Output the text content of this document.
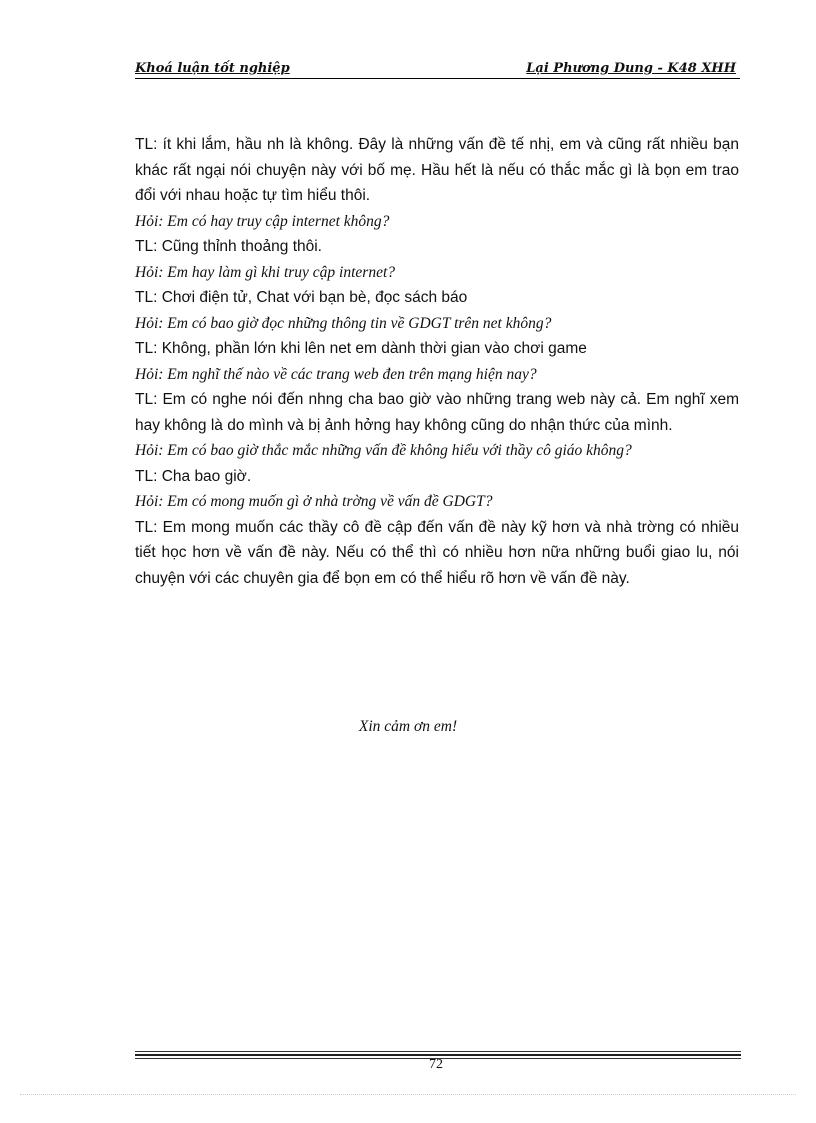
Khoá luận tốt nghiệp	Lại Phương Dung - K48 XHH

TL: ít khi lắm, hầu nh là không. Đây là những vấn đề tế nhị, em và cũng rất nhiều bạn khác rất ngại nói chuyện này với bố mẹ. Hầu hết là nếu có thắc mắc gì là bọn em trao đổi với nhau hoặc tự tìm hiểu thôi.

Hỏi: Em có hay truy cập internet không?

TL: Cũng thỉnh thoảng thôi.

Hỏi: Em hay làm gì khi truy cập internet?

TL: Chơi điện tử, Chat với bạn bè, đọc sách báo

Hỏi: Em có bao giờ đọc những thông tin về GDGT trên net không?

TL: Không, phần lớn khi lên net em dành thời gian vào chơi game

Hỏi: Em nghĩ thế nào về các trang web đen trên mạng hiện nay?

TL: Em có nghe nói đến nhng cha bao giờ vào những trang web này cả. Em nghĩ xem hay không là do mình và bị ảnh hởng hay không cũng do nhận thức của mình.

Hỏi: Em có bao giờ thắc mắc những vấn đề không hiểu với thầy cô giáo không?

TL: Cha bao giờ.

Hỏi: Em có mong muốn gì ở nhà trờng về vấn đề GDGT?

TL: Em mong muốn các thầy cô đề cập đến vấn đề này kỹ hơn và nhà trờng có nhiều tiết học hơn về vấn đề này. Nếu có thể thì có nhiều hơn nữa những buổi giao lu, nói chuyện với các chuyên gia để bọn em có thể hiểu rõ hơn về vấn đề này.

Xin cảm ơn em!
72
